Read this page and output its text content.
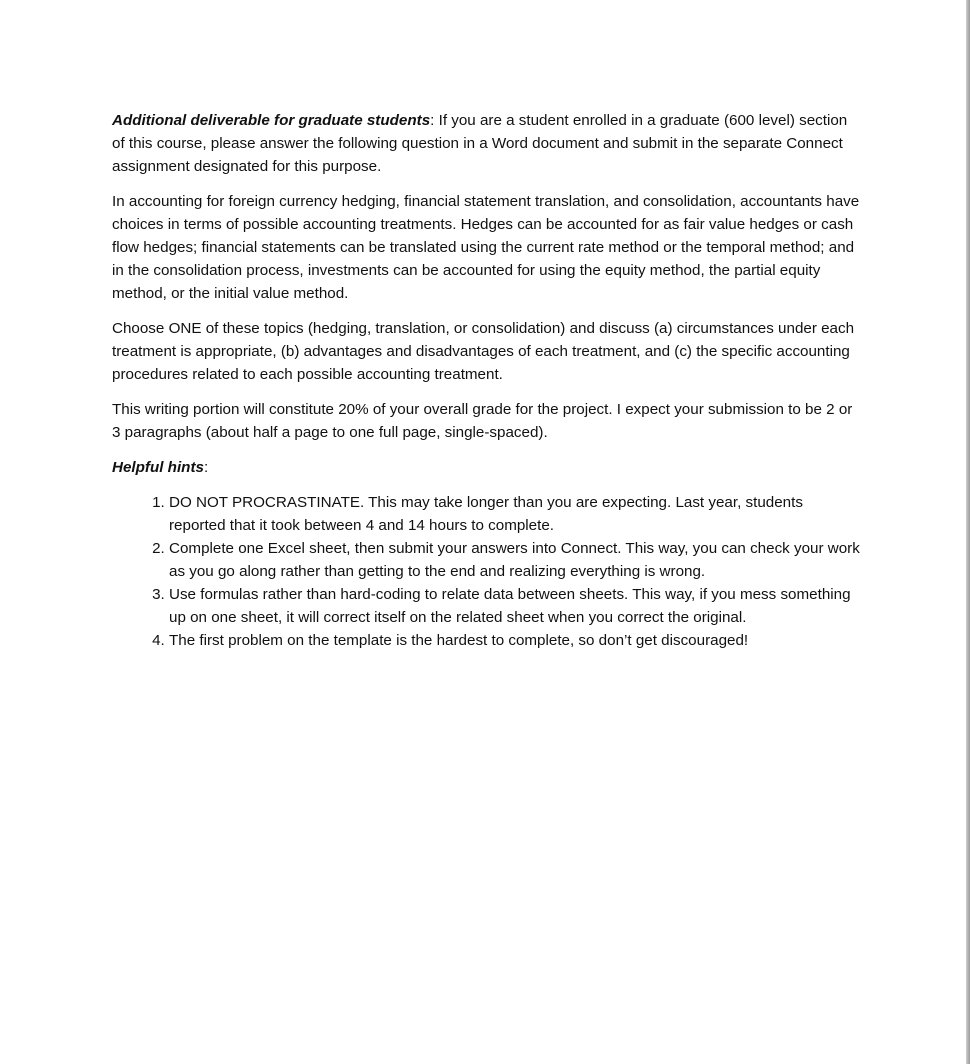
Additional deliverable for graduate students: If you are a student enrolled in a graduate (600 level) section of this course, please answer the following question in a Word document and submit in the separate Connect assignment designated for this purpose.

In accounting for foreign currency hedging, financial statement translation, and consolidation, accountants have choices in terms of possible accounting treatments. Hedges can be accounted for as fair value hedges or cash flow hedges; financial statements can be translated using the current rate method or the temporal method; and in the consolidation process, investments can be accounted for using the equity method, the partial equity method, or the initial value method.

Choose ONE of these topics (hedging, translation, or consolidation) and discuss (a) circumstances under each treatment is appropriate, (b) advantages and disadvantages of each treatment, and (c) the specific accounting procedures related to each possible accounting treatment.

This writing portion will constitute 20% of your overall grade for the project. I expect your submission to be 2 or 3 paragraphs (about half a page to one full page, single-spaced).

Helpful hints:

1. DO NOT PROCRASTINATE. This may take longer than you are expecting. Last year, students reported that it took between 4 and 14 hours to complete.
2. Complete one Excel sheet, then submit your answers into Connect. This way, you can check your work as you go along rather than getting to the end and realizing everything is wrong.
3. Use formulas rather than hard-coding to relate data between sheets. This way, if you mess something up on one sheet, it will correct itself on the related sheet when you correct the original.
4. The first problem on the template is the hardest to complete, so don’t get discouraged!
